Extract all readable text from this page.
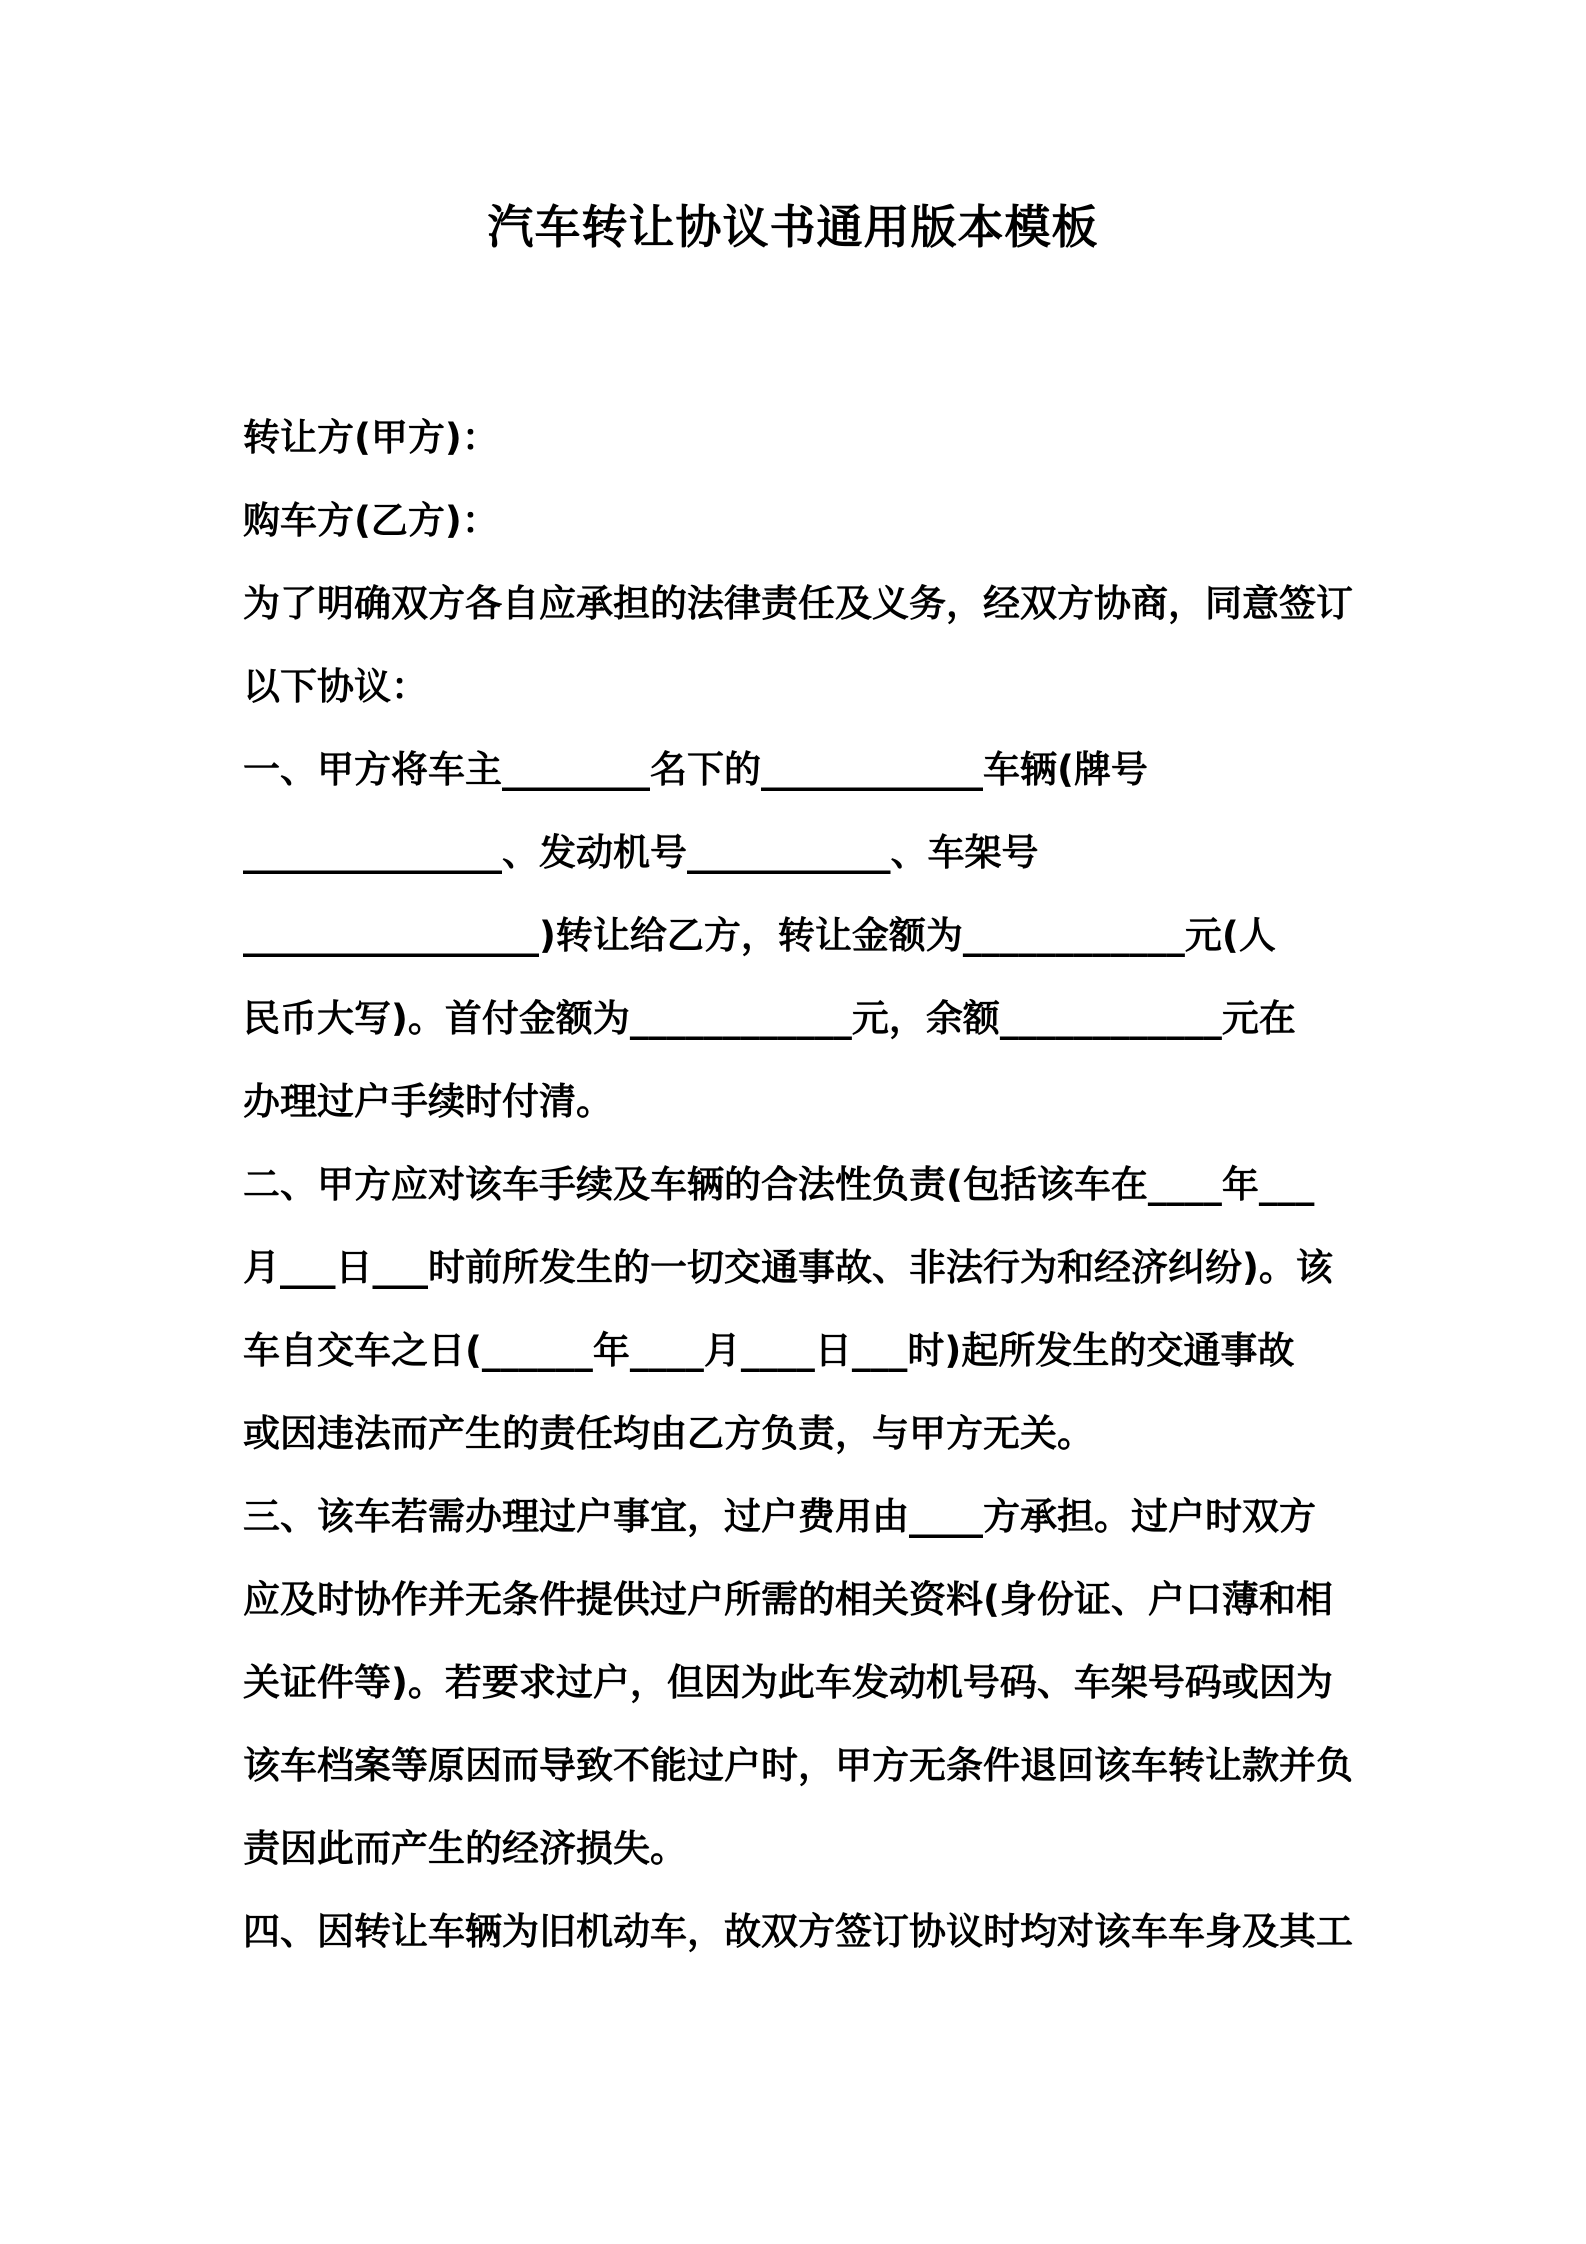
汽车转让协议书通用版本模板
转让方(甲方)：
购车方(乙方)：
为了明确双方各自应承担的法律责任及义务，经双方协商，同意签订
以下协议：
一、甲方将车主________名下的____________车辆(牌号
______________、发动机号___________、车架号
________________)转让给乙方，转让金额为____________元(人
民币大写)。首付金额为____________元，余额____________元在
办理过户手续时付清。
二、甲方应对该车手续及车辆的合法性负责(包括该车在____年___
月___日___时前所发生的一切交通事故、非法行为和经济纠纷)。该
车自交车之日(______年____月____日___时)起所发生的交通事故
或因违法而产生的责任均由乙方负责，与甲方无关。
三、该车若需办理过户事宜，过户费用由____方承担。过户时双方
应及时协作并无条件提供过户所需的相关资料(身份证、户口薄和相
关证件等)。若要求过户，但因为此车发动机号码、车架号码或因为
该车档案等原因而导致不能过户时，甲方无条件退回该车转让款并负
责因此而产生的经济损失。
四、因转让车辆为旧机动车，故双方签订协议时均对该车车身及其工
